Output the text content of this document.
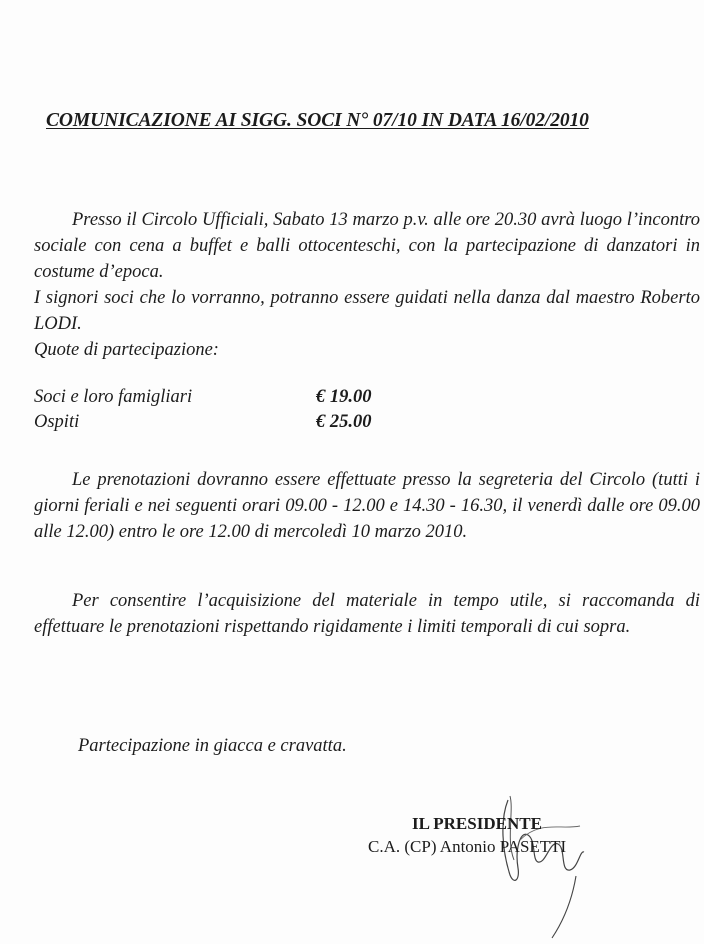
COMUNICAZIONE AI SIGG. SOCI N° 07/10 IN DATA 16/02/2010
Presso il Circolo Ufficiali, Sabato 13 marzo p.v. alle ore 20.30 avrà luogo l’incontro sociale con cena a buffet e balli ottocenteschi, con la partecipazione di danzatori in costume d’epoca.
I signori soci che lo vorranno, potranno essere guidati nella danza dal maestro Roberto LODI.
Quote di partecipazione:
Soci e loro famigliari	€ 19.00
Ospiti	€ 25.00
Le prenotazioni dovranno essere effettuate presso la segreteria del Circolo (tutti i giorni feriali e nei seguenti orari 09.00 - 12.00 e 14.30 - 16.30, il venerdì dalle ore 09.00 alle 12.00) entro le ore 12.00 di mercoledì 10 marzo 2010.
Per consentire l’acquisizione del materiale in tempo utile, si raccomanda di effettuare le prenotazioni rispettando rigidamente i limiti temporali di cui sopra.
Partecipazione in giacca e cravatta.
IL PRESIDENTE
C.A. (CP) Antonio PASETTI
